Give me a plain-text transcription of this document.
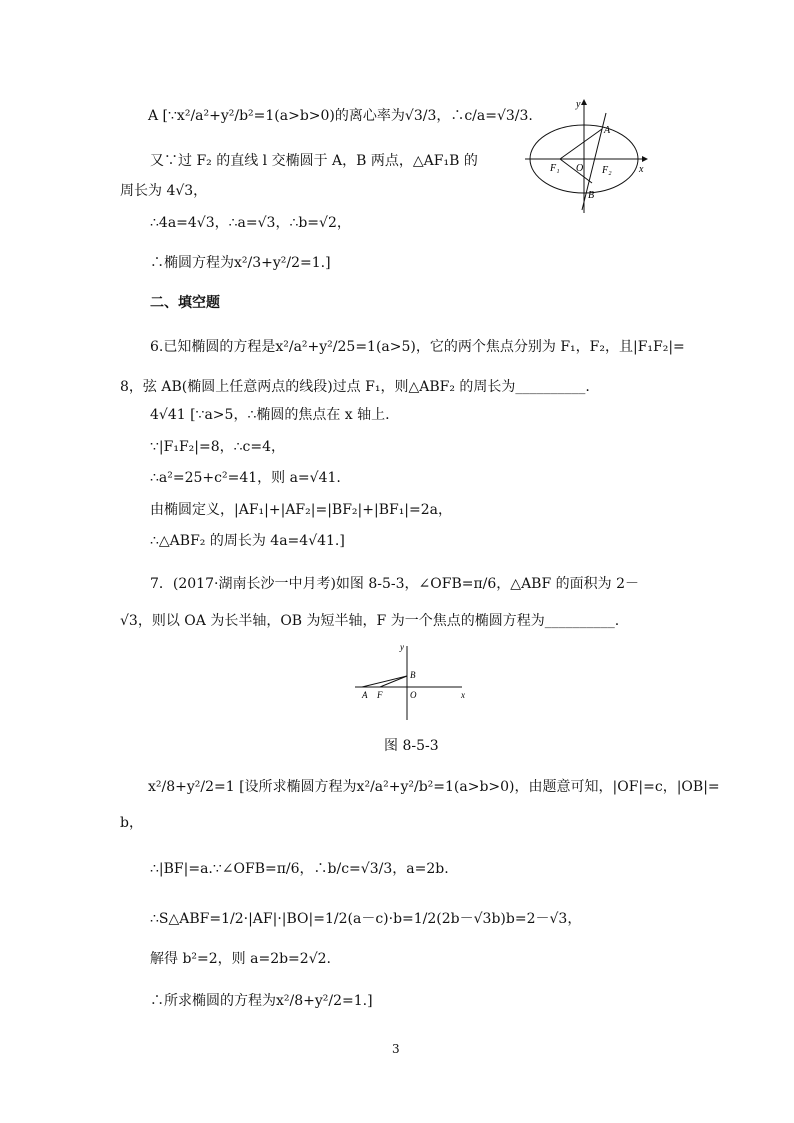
A [∵x²/a²+y²/b²=1(a>b>0)的离心率为√3/3，∴c/a=√3/3.
又∵过 F₂ 的直线 l 交椭圆于 A，B 两点，△AF₁B 的
周长为 4√3，
∴4a=4√3，∴a=√3，∴b=√2，
∴椭圆方程为x²/3+y²/2=1.]
二、填空题
6.已知椭圆的方程是x²/a²+y²/25=1(a>5)，它的两个焦点分别为 F₁，F₂，且|F₁F₂|=
8，弦 AB(椭圆上任意两点的线段)过点 F₁，则△ABF₂ 的周长为__________.
4√41 [∵a>5，∴椭圆的焦点在 x 轴上.
∵|F₁F₂|=8，∴c=4，
∴a²=25+c²=41，则 a=√41.
由椭圆定义，|AF₁|+|AF₂|=|BF₂|+|BF₁|=2a，
∴△ABF₂ 的周长为 4a=4√41.]
7．(2017·湖南长沙一中月考)如图 8-5-3，∠OFB=π/6，△ABF 的面积为 2－
√3，则以 OA 为长半轴，OB 为短半轴，F 为一个焦点的椭圆方程为__________.
y
x
A
B
O
F₁	F₂
y
x
A F	O
B
图 8-5-3
x²/8+y²/2=1 [设所求椭圆方程为x²/a²+y²/b²=1(a>b>0)，由题意可知，|OF|=c，|OB|=
b，
∴|BF|=a.∵∠OFB=π/6，∴b/c=√3/3，a=2b.
∴S△ABF=1/2·|AF|·|BO|=1/2(a－c)·b=1/2(2b－√3b)b=2－√3，
解得 b²=2，则 a=2b=2√2.
∴所求椭圆的方程为x²/8+y²/2=1.]
3
